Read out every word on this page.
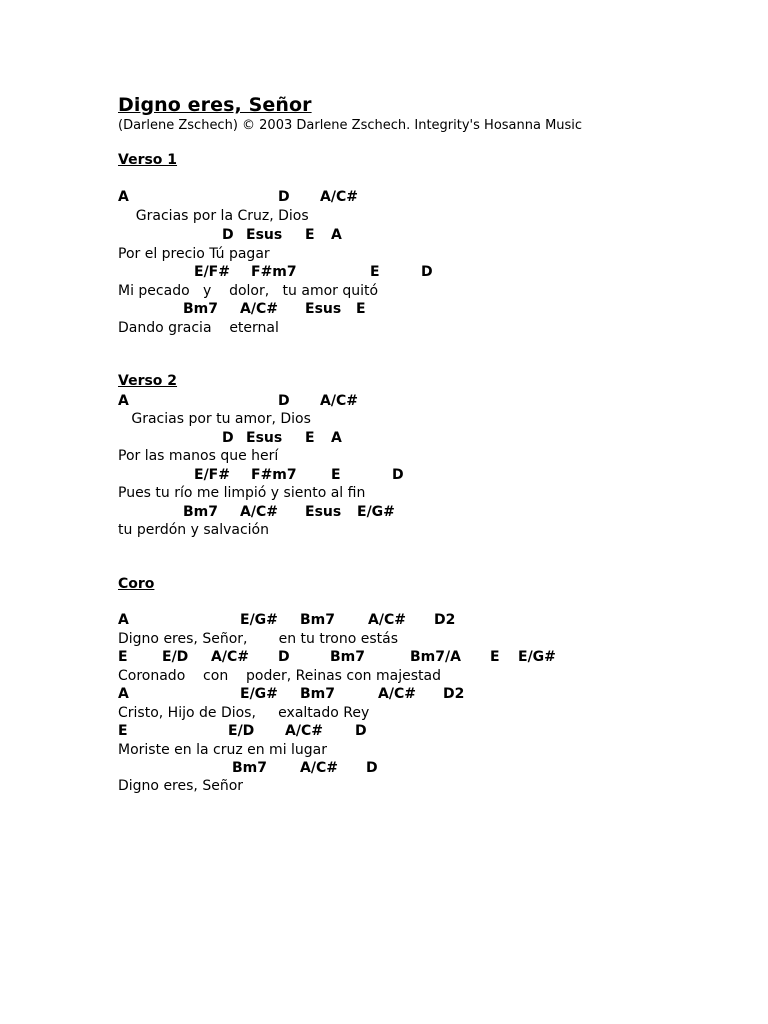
Digno eres, Señor
(Darlene Zschech) © 2003 Darlene Zschech. Integrity's Hosanna Music
Verso 1
A	D A/C#
Gracias por la Cruz, Dios
D Esus E A
Por el precio Tú pagar
E/F# F#m7	E	D
Mi pecado   y    dolor,   tu amor quitó
Bm7 A/C# Esus E
Dando gracia    eternal
Verso 2
A	D A/C#
Gracias por tu amor, Dios
D Esus E A
Por las manos que herí
E/F# F#m7 E	D
Pues tu río me limpió y siento al fin
Bm7 A/C# Esus E/G#
tu perdón y salvación
Coro
A	E/G# Bm7 A/C# D2
Digno eres, Señor,       en tu trono estás
E E/D A/C# D	Bm7	Bm7/A E E/G#
Coronado    con    poder, Reinas con majestad
A	E/G# Bm7	A/C# D2
Cristo, Hijo de Dios,     exaltado Rey
E	E/D A/C# D
Moriste en la cruz en mi lugar
Bm7 A/C# D
Digno eres, Señor
